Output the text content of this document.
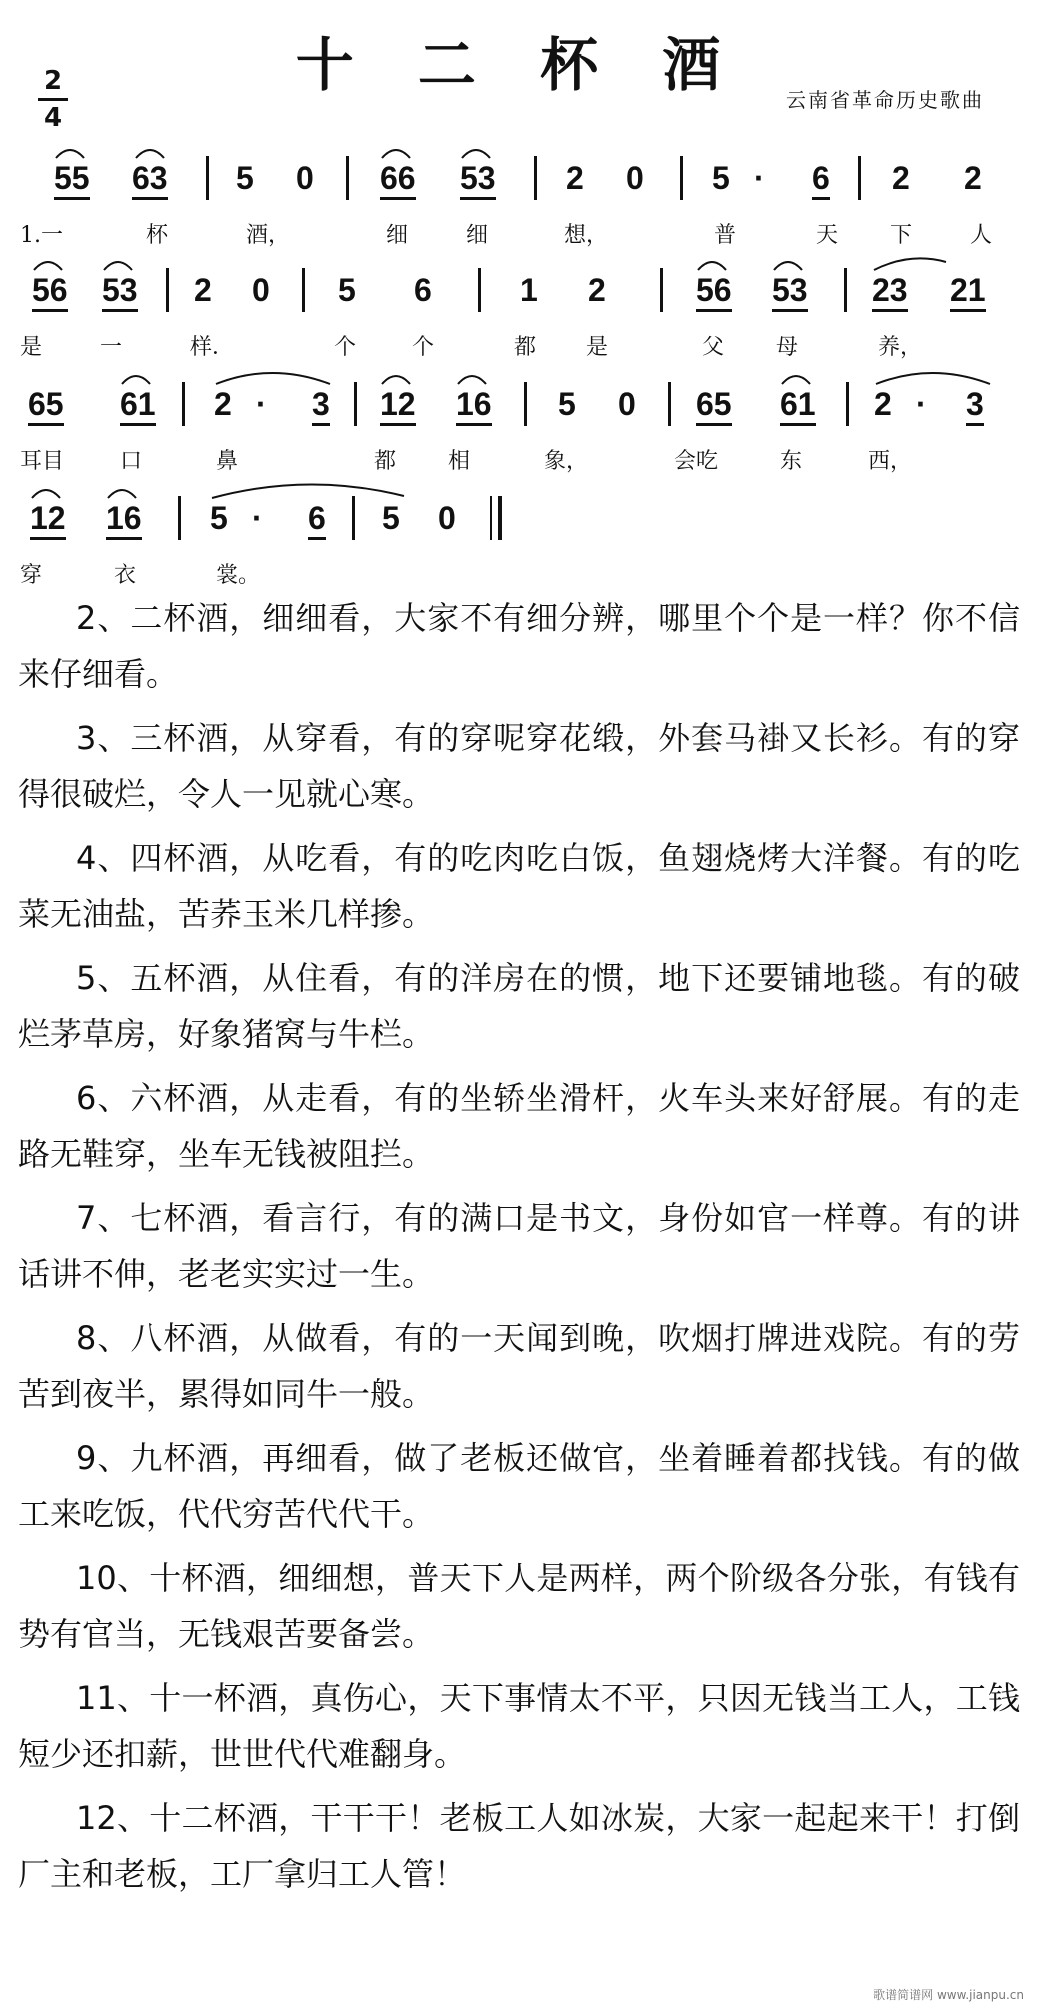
十 二 杯 酒
2
4
云南省革命历史歌曲
55 63 5 0 66 53 2 0 5 · 6 2 2
1.一	杯	酒，	细	细	想，	普	天 下	人
56 53 2 0 5 6	1 2	56 53 23 21
是	一	样．	个	个	都 是	父 母	养，
65 61 2 · 3 12 16 5 0 65 61 2 · 3
耳目	口	鼻	都 相	象，	会吃	东	西，
12 16 5 · 6 5 0
穿	衣	裳。

2、二杯酒，细细看，大家不有细分辨，哪里个个是一样？你不信来仔细看。

3、三杯酒，从穿看，有的穿呢穿花缎，外套马褂又长衫。有的穿得很破烂，令人一见就心寒。

4、四杯酒，从吃看，有的吃肉吃白饭，鱼翅烧烤大洋餐。有的吃菜无油盐，苦荞玉米几样掺。

5、五杯酒，从住看，有的洋房在的惯，地下还要铺地毯。有的破烂茅草房，好象猪窝与牛栏。

6、六杯酒，从走看，有的坐轿坐滑杆，火车头来好舒展。有的走路无鞋穿，坐车无钱被阻拦。

7、七杯酒，看言行，有的满口是书文，身份如官一样尊。有的讲话讲不伸，老老实实过一生。

8、八杯酒，从做看，有的一天闻到晚，吹烟打牌进戏院。有的劳苦到夜半，累得如同牛一般。

9、九杯酒，再细看，做了老板还做官，坐着睡着都找钱。有的做工来吃饭，代代穷苦代代干。

10、十杯酒，细细想，普天下人是两样，两个阶级各分张，有钱有势有官当，无钱艰苦要备尝。

11、十一杯酒，真伤心，天下事情太不平，只因无钱当工人，工钱短少还扣薪，世世代代难翻身。

12、十二杯酒，干干干！老板工人如冰炭，大家一起起来干！打倒厂主和老板，工厂拿归工人管！

歌谱简谱网 www.jianpu.cn
